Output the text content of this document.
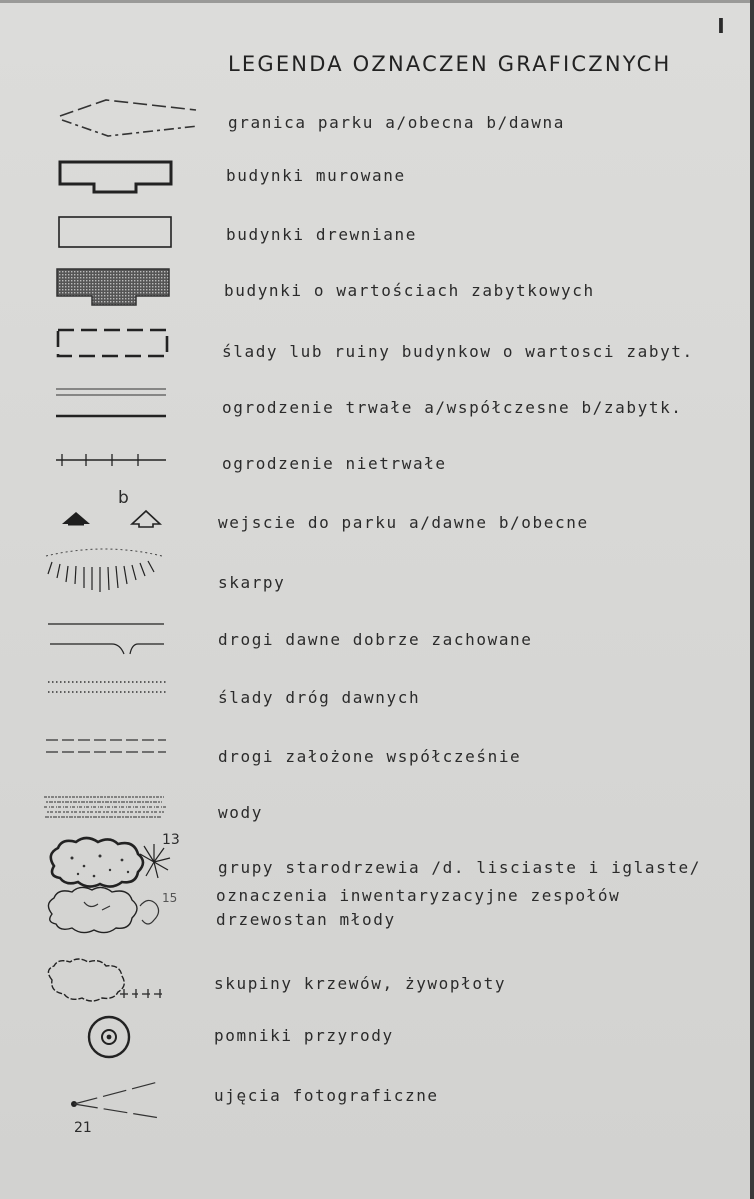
I
LEGENDA OZNACZEN GRAFICZNYCH
granica parku a/obecna b/dawna
budynki murowane
budynki drewniane
budynki o wartościach zabytkowych
ślady lub ruiny budynkow o wartosci zabyt.
ogrodzenie trwałe a/współczesne b/zabytk.
ogrodzenie nietrwałe
b
wejscie do parku a/dawne b/obecne
skarpy
drogi dawne dobrze zachowane
ślady dróg dawnych
drogi założone współcześnie
wody
13
15
grupy starodrzewia /d. lisciaste i iglaste/
oznaczenia inwentaryzacyjne zespołów
drzewostan młody
skupiny krzewów, żywopłoty
pomniki przyrody
21
ujęcia fotograficzne
